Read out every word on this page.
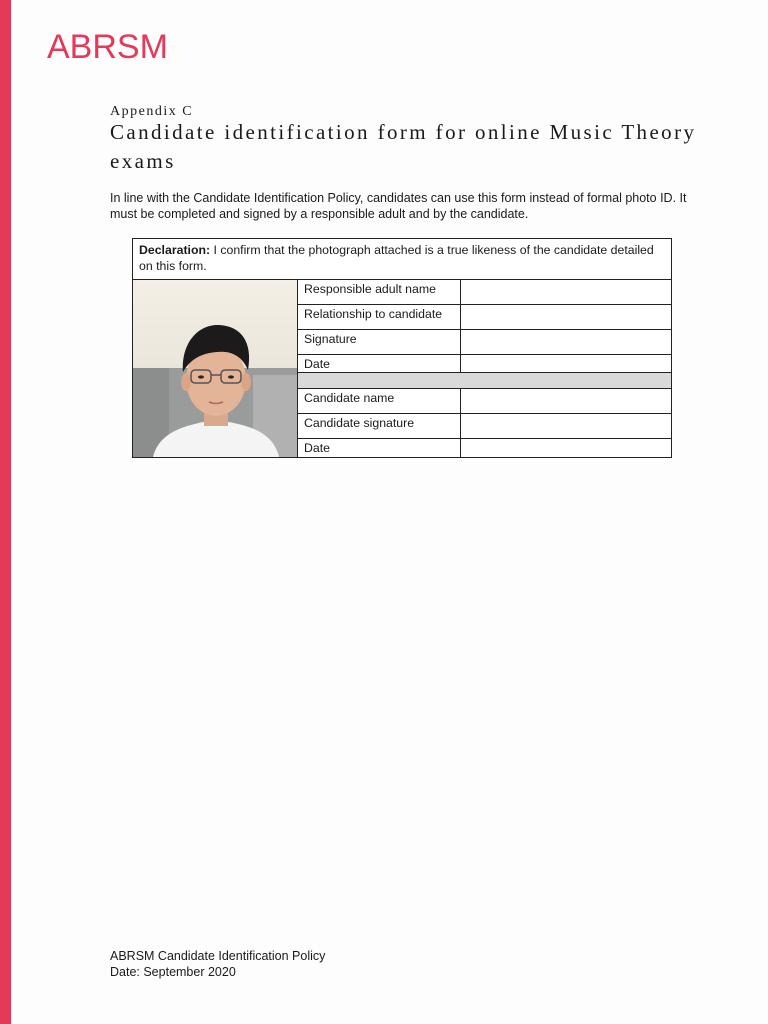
ABRSM
Appendix C
Candidate identification form for online Music Theory exams
In line with the Candidate Identification Policy, candidates can use this form instead of formal photo ID. It must be completed and signed by a responsible adult and by the candidate.
Declaration: I confirm that the photograph attached is a true likeness of the candidate detailed on this form.
Responsible adult name
Relationship to candidate
Signature
Date
Candidate name
Candidate signature
Date
ABRSM Candidate Identification Policy
Date: September 2020
